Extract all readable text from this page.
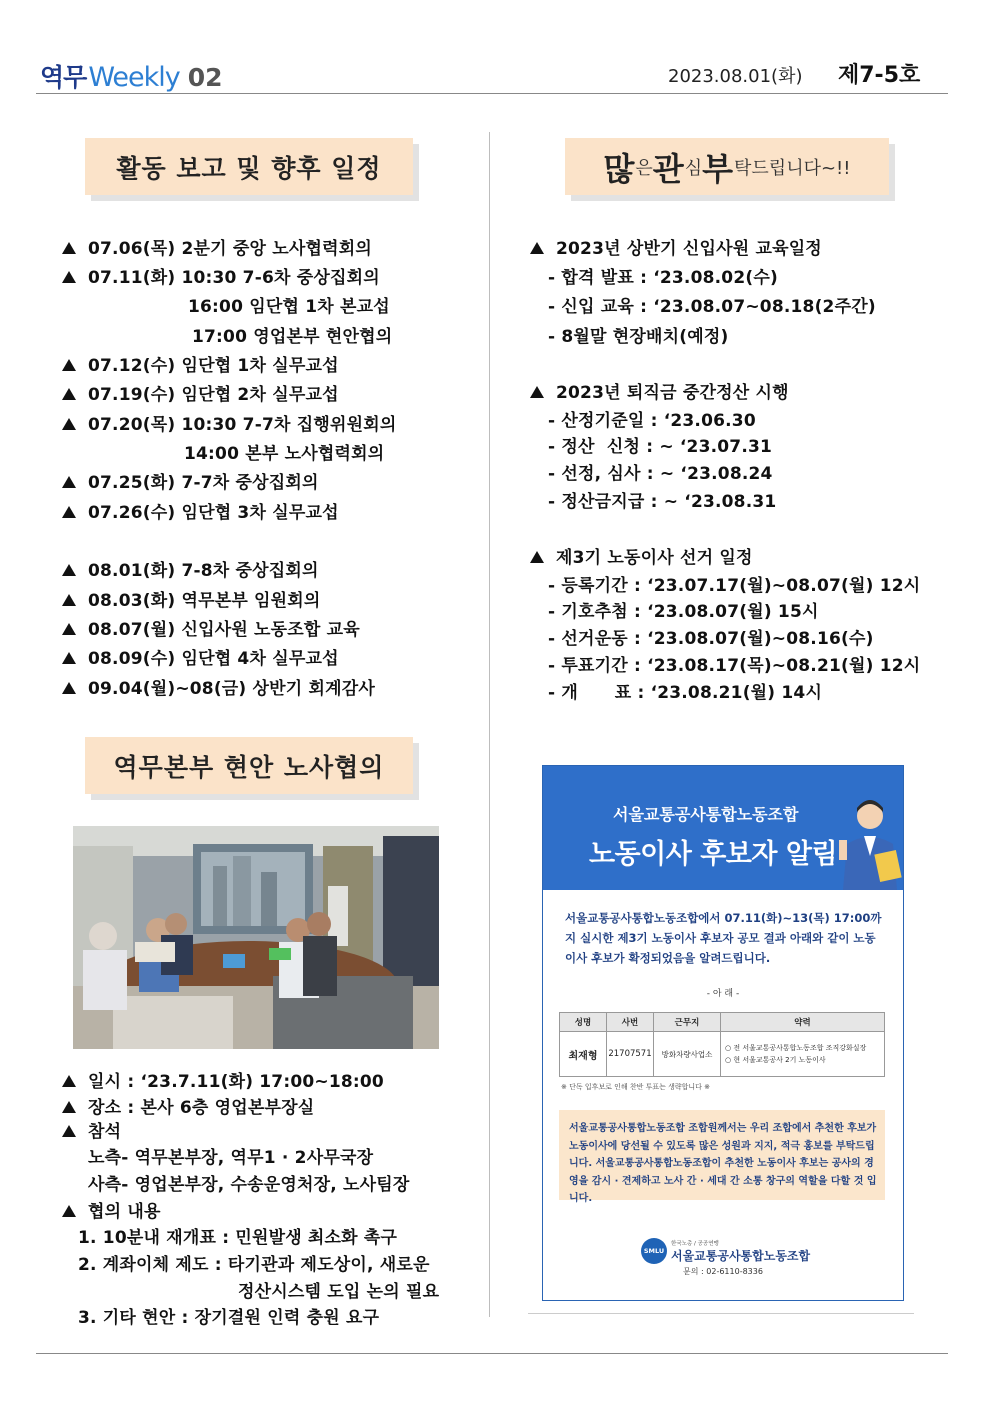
역무 Weekly 02	2023.08.01(화) 제7-5호
활동 보고 및 향후 일정
07.06(목) 2분기 중앙 노사협력회의
07.11(화) 10:30 7-6차 중상집회의
16:00 임단협 1차 본교섭
17:00 영업본부 현안협의
07.12(수) 임단협 1차 실무교섭
07.19(수) 임단협 2차 실무교섭
07.20(목) 10:30 7-7차 집행위원회의
14:00 본부 노사협력회의
07.25(화) 7-7차 중상집회의
07.26(수) 임단협 3차 실무교섭
08.01(화) 7-8차 중상집회의
08.03(화) 역무본부 임원회의
08.07(월) 신입사원 노동조합 교육
08.09(수) 임단협 4차 실무교섭
09.04(월)~08(금) 상반기 회계감사
역무본부 현안 노사협의
일시 : ‘23.7.11(화) 17:00~18:00
장소 : 본사 6층 영업본부장실
참석
노측- 역무본부장, 역무1 · 2사무국장
사측- 영업본부장, 수송운영처장, 노사팀장
협의 내용
1. 10분내 재개표 : 민원발생 최소화 촉구
2. 계좌이체 제도 : 타기관과 제도상이, 새로운
정산시스템 도입 논의 필요
3. 기타 현안 : 장기결원 인력 충원 요구
많 은 관 심 부 탁드립니다~!!
2023년 상반기 신입사원 교육일정
- 합격 발표 : ‘23.08.02(수)
- 신입 교육 : ‘23.08.07~08.18(2주간)
- 8월말 현장배치(예정)
2023년 퇴직금 중간정산 시행
- 산정기준일 : ‘23.06.30
- 정산  신청 : ~ ‘23.07.31
- 선정, 심사 : ~ ‘23.08.24
- 정산금지급 : ~ ‘23.08.31
제3기 노동이사 선거 일정
- 등록기간 : ‘23.07.17(월)~08.07(월) 12시
- 기호추첨 : ‘23.08.07(월) 15시
- 선거운동 : ‘23.08.07(월)~08.16(수)
- 투표기간 : ‘23.08.17(목)~08.21(월) 12시
- 개      표 : ‘23.08.21(월) 14시
서울교통공사통합노동조합
노동이사 후보자 알림
서울교통공사통합노동조합에서 07.11(화)~13(목) 17:00까지 실시한 제3기 노동이사 후보자 공모 결과 아래와 같이 노동이사 후보가 확정되었음을 알려드립니다.
- 아 래 -
성명	사번	근무지	약력
최재형	21707571	방화차량사업소	○ 전 서울교통공사통합노동조합 조직강화실장
○ 현 서울교통공사 2기 노동이사
※ 단독 입후보로 인해 찬반 투표는 생략합니다 ※
서울교통공사통합노동조합 조합원께서는 우리 조합에서 추천한 후보가 노동이사에 당선될 수 있도록 많은 성원과 지지, 적극 홍보를 부탁드립니다. 서울교통공사통합노동조합이 추천한 노동이사 후보는 공사의 경영을 감시 · 견제하고 노사 간 · 세대 간 소통 창구의 역할을 다할 것 입니다.
SMLU
한국노총 / 공공연맹
서울교통공사통합노동조합
문의 : 02-6110-8336
